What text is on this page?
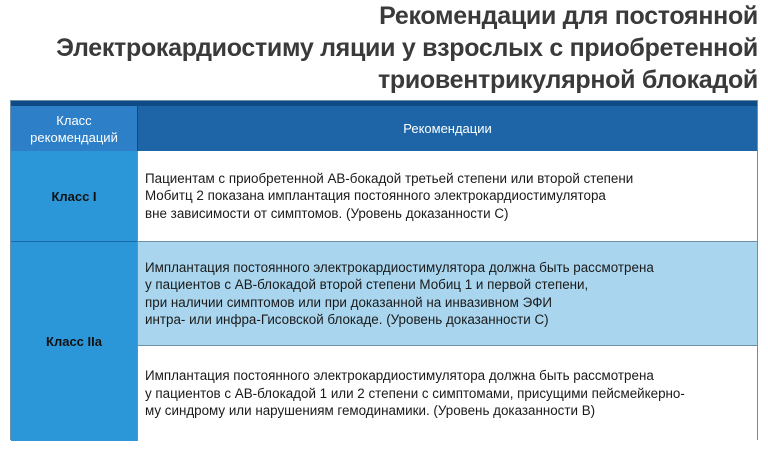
Рекомендации для постоянной
Электрокардиостиму ляции у взрослых с приобретенной
триовентрикулярной блокадой
Класс
рекомендаций
Рекомендации
Класс I
Пациентам с приобретенной АВ-бокадой третьей степени или второй степени
Мобитц 2 показана имплантация постоянного электрокардиостимулятора
вне зависимости от симптомов. (Уровень доказанности С)
Класс IIa
Имплантация постоянного электрокардиостимулятора должна быть рассмотрена
у пациентов с АВ-блокадой второй степени Мобиц 1 и первой степени,
при наличии симптомов или при доказанной на инвазивном ЭФИ
интра- или инфра-Гисовской блокаде. (Уровень доказанности С)
Имплантация постоянного электрокардиостимулятора должна быть рассмотрена
у пациентов с АВ-блокадой 1 или 2 степени с симптомами, присущими пейсмейкерно-
му синдрому или нарушениям гемодинамики. (Уровень доказанности В)
